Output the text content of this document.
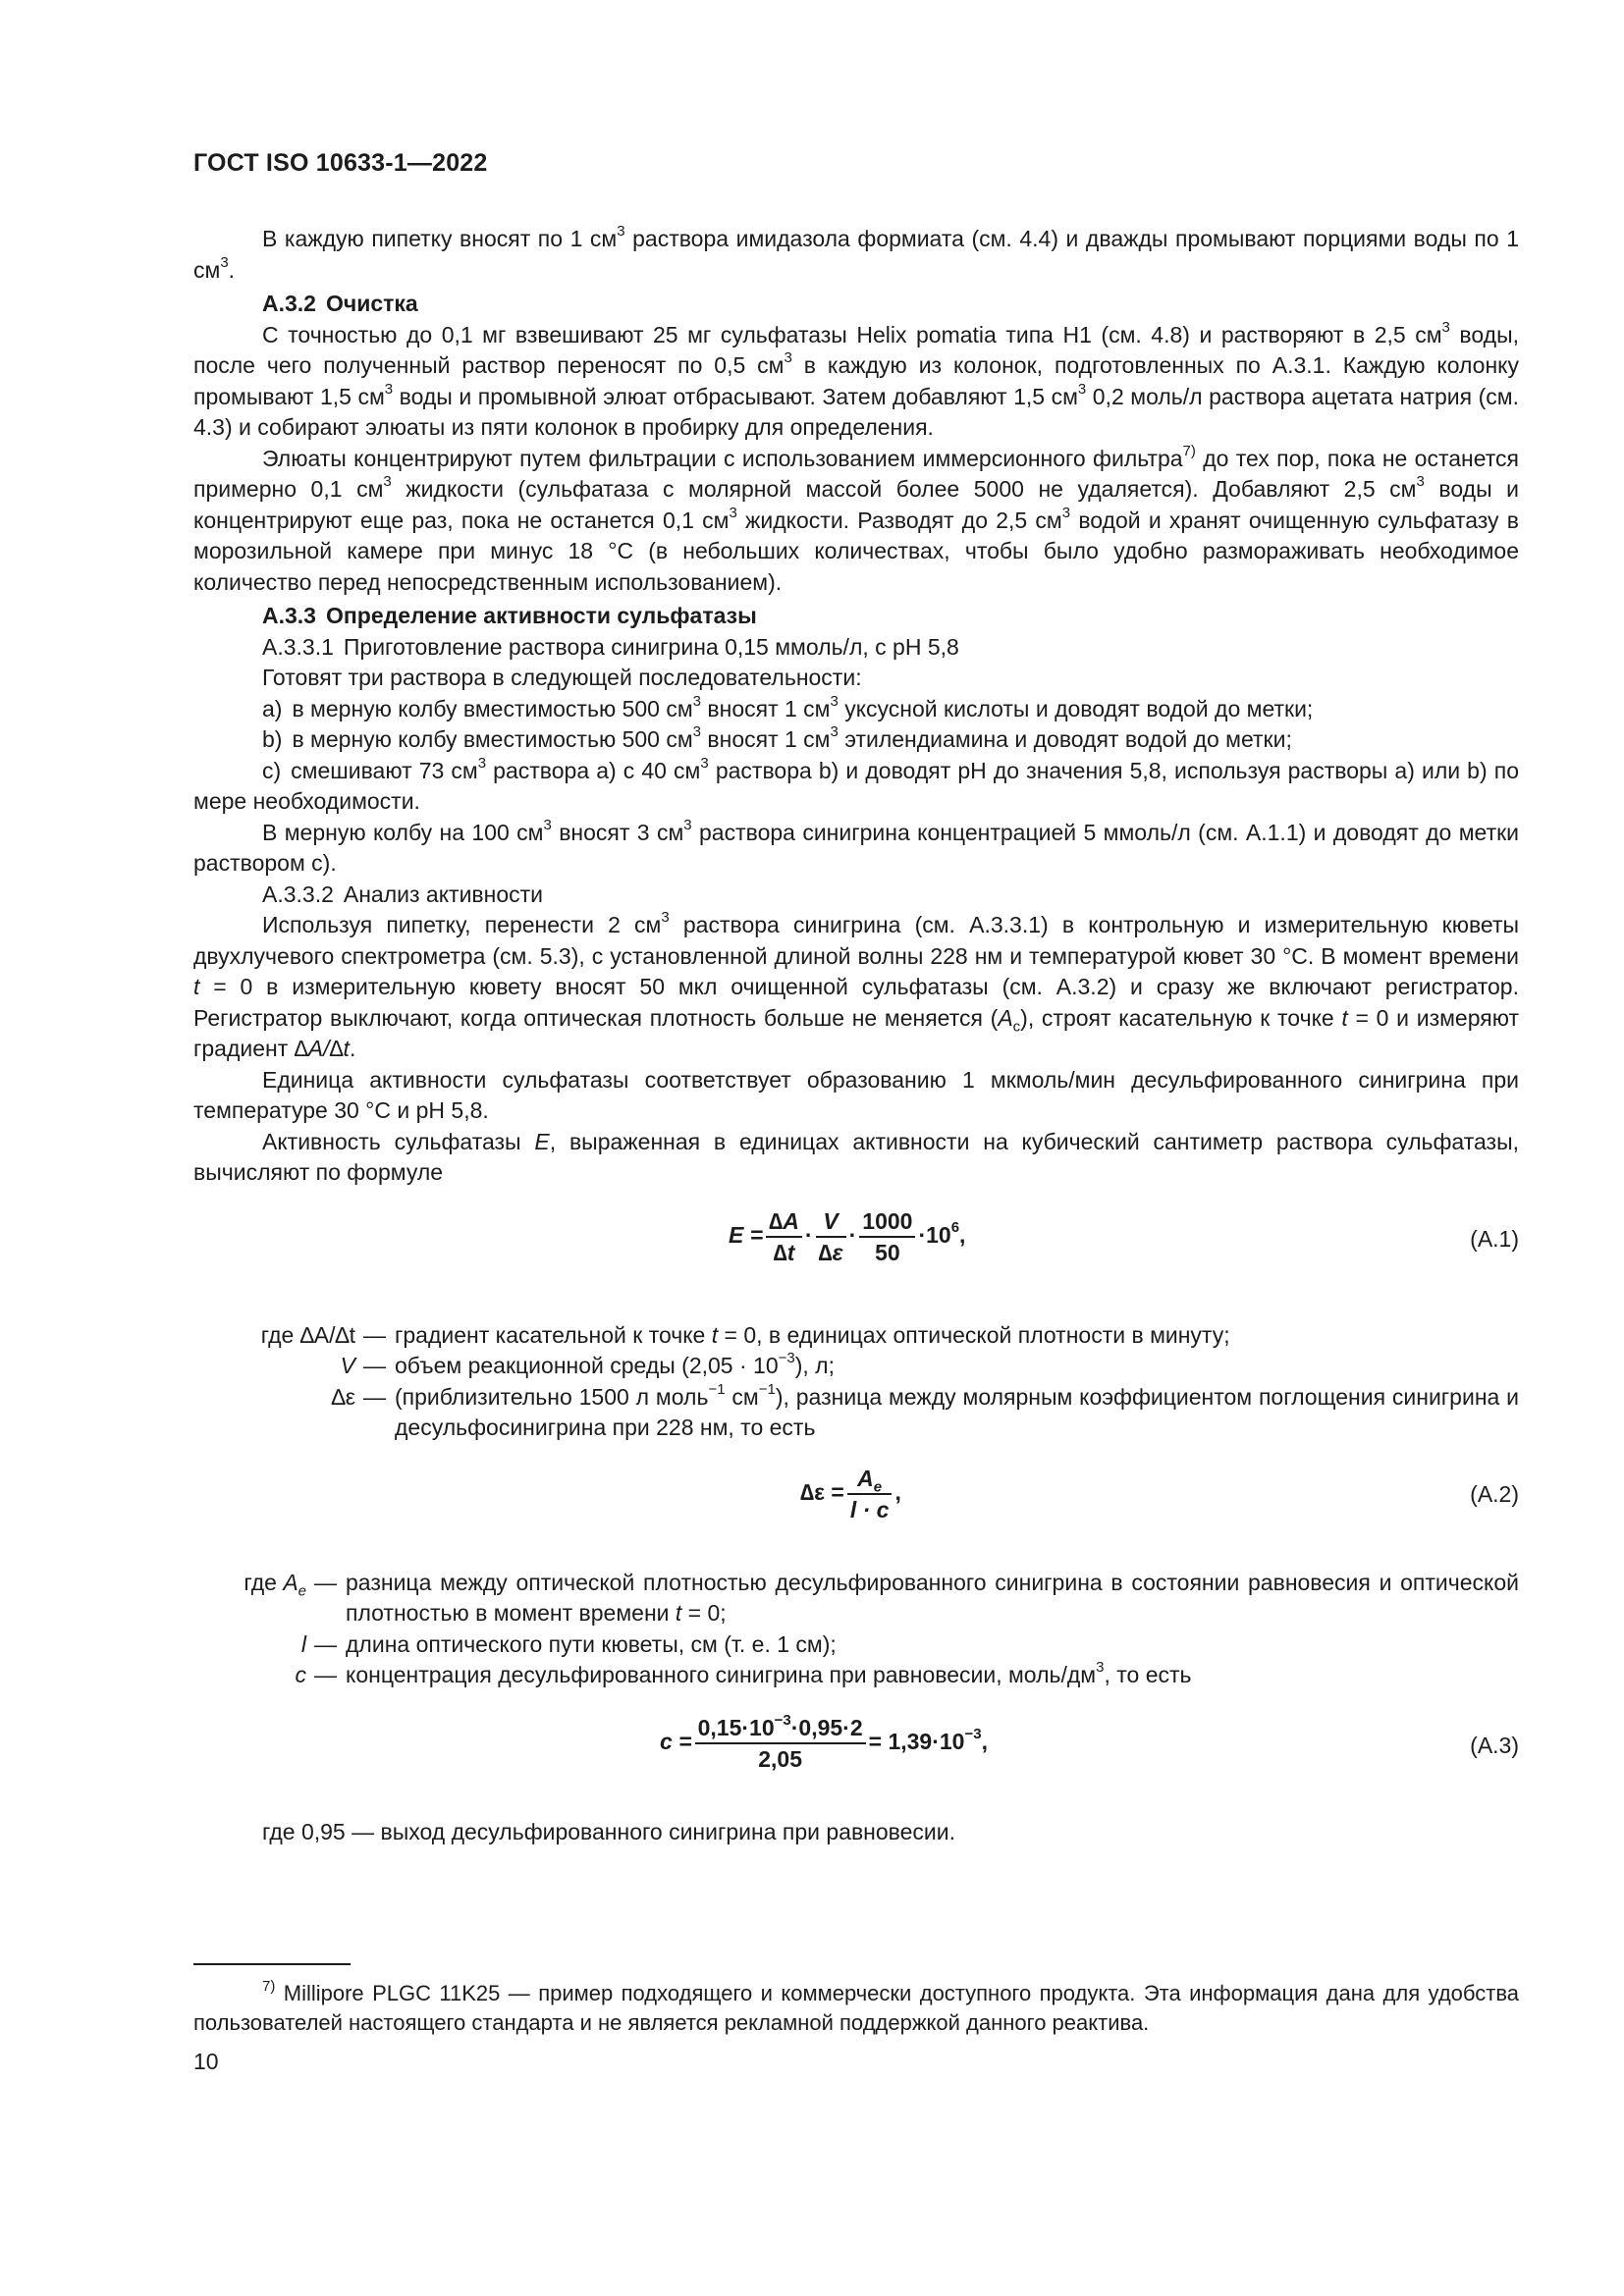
ГОСТ ISO 10633-1—2022

В каждую пипетку вносят по 1 $см^3$ раствора имидазола формиата (см. 4.4) и дважды промывают порциями воды по 1 $см^3$.

А.3.2 Очистка

С точностью до 0,1 мг взвешивают 25 мг сульфатазы Helix pomatia типа H1 (см. 4.8) и растворяют в 2,5 $см^3$ воды, после чего полученный раствор переносят по 0,5 $см^3$ в каждую из колонок, подготовленных по А.3.1. Каждую колонку промывают 1,5 $см^3$ воды и промывной элюат отбрасывают. Затем добавляют 1,5 $см^3$ 0,2 моль/л раствора ацетата натрия (см. 4.3) и собирают элюаты из пяти колонок в пробирку для определения.

Элюаты концентрируют путем фильтрации с использованием иммерсионного фильтра$^{7)}$ до тех пор, пока не останется примерно 0,1 $см^3$ жидкости (сульфатаза с молярной массой более 5000 не удаляется). Добавляют 2,5 $см^3$ воды и концентрируют еще раз, пока не останется 0,1 $см^3$ жидкости. Разводят до 2,5 $см^3$ водой и хранят очищенную сульфатазу в морозильной камере при минус 18 °С (в небольших количествах, чтобы было удобно размораживать необходимое количество перед непосредственным использованием).

А.3.3 Определение активности сульфатазы

А.3.3.1 Приготовление раствора синигрина 0,15 ммоль/л, с pH 5,8

Готовят три раствора в следующей последовательности:

а) в мерную колбу вместимостью 500 $см^3$ вносят 1 $см^3$ уксусной кислоты и доводят водой до метки;

b) в мерную колбу вместимостью 500 $см^3$ вносят 1 $см^3$ этилендиамина и доводят водой до метки;

с) смешивают 73 $см^3$ раствора а) с 40 $см^3$ раствора b) и доводят pH до значения 5,8, используя растворы а) или b) по мере необходимости.

В мерную колбу на 100 $см^3$ вносят 3 $см^3$ раствора синигрина концентрацией 5 ммоль/л (см. А.1.1) и доводят до метки раствором с).

А.3.3.2 Анализ активности

Используя пипетку, перенести 2 $см^3$ раствора синигрина (см. А.3.3.1) в контрольную и измерительную кюветы двухлучевого спектрометра (см. 5.3), с установленной длиной волны 228 нм и температурой кювет 30 °С. В момент времени t = 0 в измерительную кювету вносят 50 мкл очищенной сульфатазы (см. А.3.2) и сразу же включают регистратор. Регистратор выключают, когда оптическая плотность больше не меняется $(A_c)$, строят касательную к точке t = 0 и измеряют градиент ∆A/∆t.

Единица активности сульфатазы соответствует образованию 1 мкмоль/мин десульфированного синигрина при температуре 30 °С и pH 5,8.

Активность сульфатазы E, выраженная в единицах активности на кубический сантиметр раствора сульфатазы, вычисляют по формуле

$E = \frac{\Delta A}{\Delta t} \cdot \frac{V}{\Delta\varepsilon} \cdot \frac{1000}{50} \cdot 10^6$,	(А.1)
где ∆A/∆t — градиент касательной к точке t = 0, в единицах оптической плотности в минуту;
V — объем реакционной среды $(2,05 \cdot 10^{-3})$, л;
∆ε — (приблизительно 1500 л моль$^{-1}$ $см^{-1}$), разница между молярным коэффициентом поглощения синигрина и десульфосинигрина при 228 нм, то есть
$\Delta\varepsilon = \frac{A_e}{l \cdot c}$ ,	(А.2)
где $A_e$ — разница между оптической плотностью десульфированного синигрина в состоянии равновесия и оптической плотностью в момент времени t = 0;
l — длина оптического пути кюветы, см (т. е. 1 см);
c — концентрация десульфированного синигрина при равновесии, моль/$дм^3$, то есть
$c = \frac{0,15\cdot 10^{-3}\cdot 0,95\cdot 2}{2,05} = 1,39\cdot 10^{-3}$,	(А.3)

где 0,95 — выход десульфированного синигрина при равновесии.

$^{7)}$ Millipore PLGC 11K25 — пример подходящего и коммерчески доступного продукта. Эта информация дана для удобства пользователей настоящего стандарта и не является рекламной поддержкой данного реактива.
10
